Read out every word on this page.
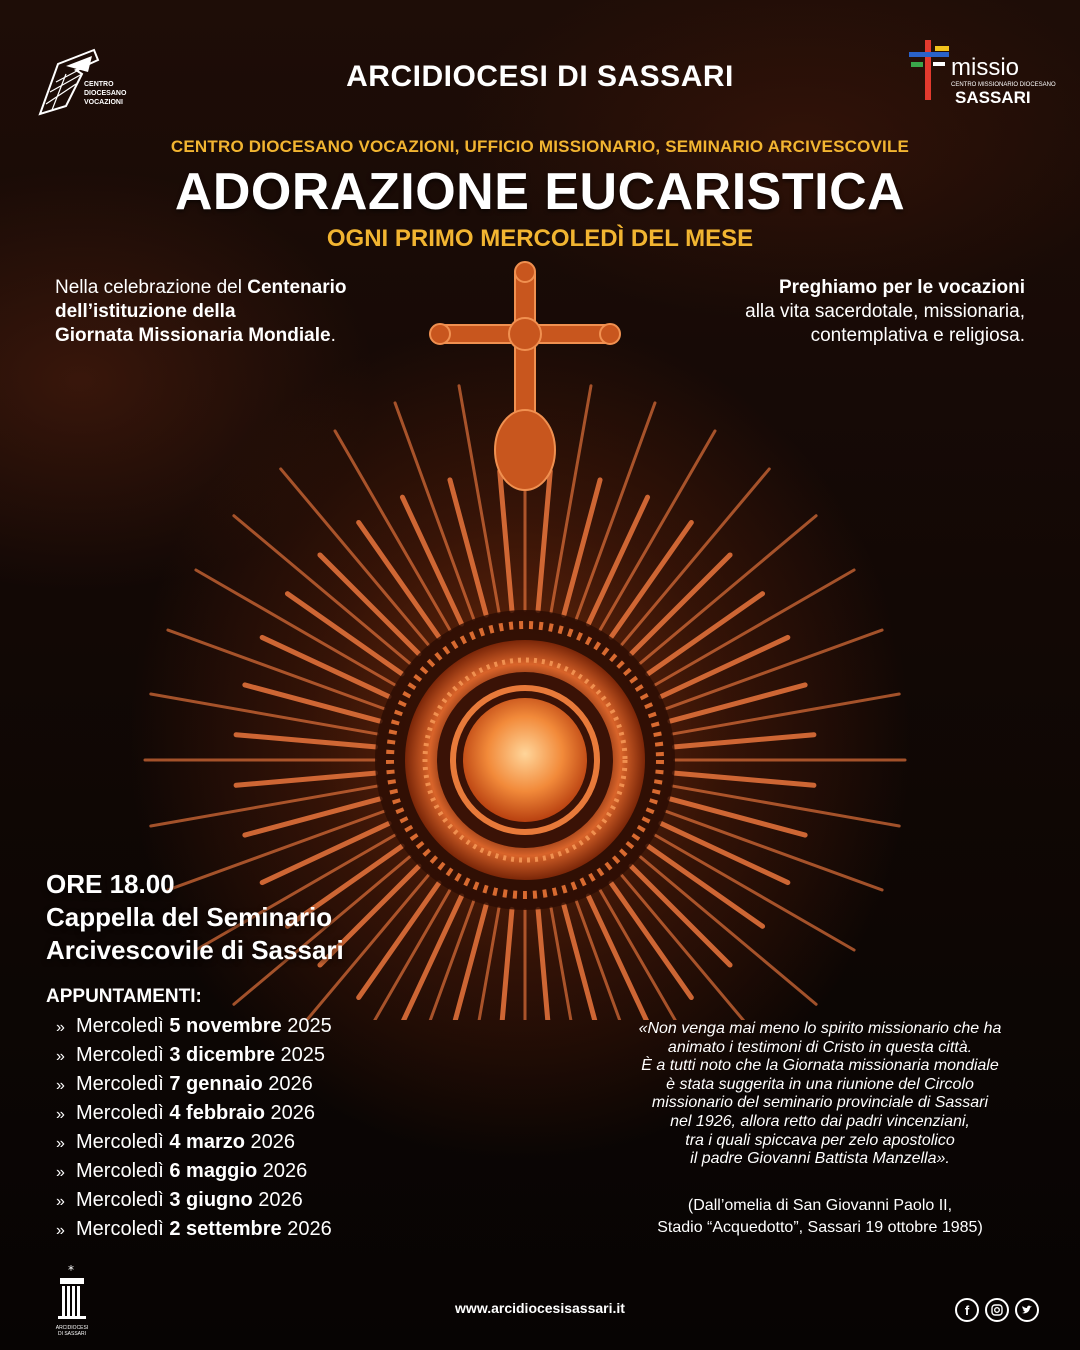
CENTRO
DIOCESANO
VOCAZIONI
ARCIDIOCESI DI SASSARI	missio
CENTRO MISSIONARIO DIOCESANO
SASSARI
CENTRO DIOCESANO VOCAZIONI, UFFICIO MISSIONARIO, SEMINARIO ARCIVESCOVILE
ADORAZIONE EUCARISTICA
OGNI PRIMO MERCOLEDÌ DEL MESE
Nella celebrazione del Centenario
dell’istituzione della
Giornata Missionaria Mondiale.
Preghiamo per le vocazioni
alla vita sacerdotale, missionaria,
contemplativa e religiosa.
ORE 18.00
Cappella del Seminario
Arcivescovile di Sassari
APPUNTAMENTI:
» Mercoledì 5 novembre 2025
» Mercoledì 3 dicembre 2025
» Mercoledì 7 gennaio 2026
» Mercoledì 4 febbraio 2026
» Mercoledì 4 marzo 2026
» Mercoledì 6 maggio 2026
» Mercoledì 3 giugno 2026
» Mercoledì 2 settembre 2026
«Non venga mai meno lo spirito missionario che ha
animato i testimoni di Cristo in questa città.
È a tutti noto che la Giornata missionaria mondiale
è stata suggerita in una riunione del Circolo
missionario del seminario provinciale di Sassari
nel 1926, allora retto dai padri vincenziani,
tra i quali spiccava per zelo apostolico
il padre Giovanni Battista Manzella».
(Dall’omelia di San Giovanni Paolo II,
Stadio “Acquedotto”, Sassari 19 ottobre 1985)
*
ARCIDIOCESI
DI SASSARI
www.arcidiocesisassari.it	f
